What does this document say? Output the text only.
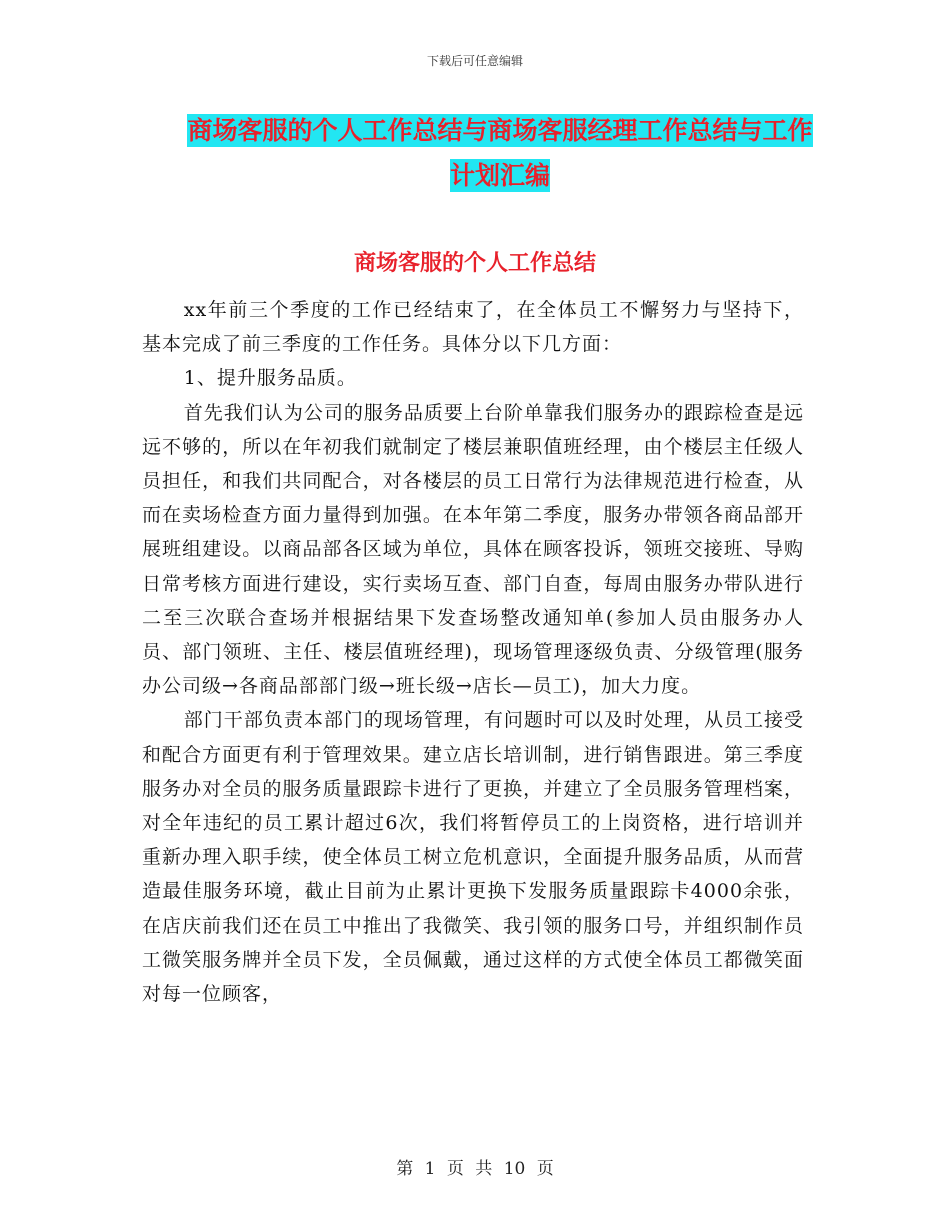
下载后可任意编辑
商场客服的个人工作总结与商场客服经理工作总结与工作计划汇编
商场客服的个人工作总结

xx年前三个季度的工作已经结束了，在全体员工不懈努力与坚持下，基本完成了前三季度的工作任务。具体分以下几方面：

1、提升服务品质。

首先我们认为公司的服务品质要上台阶单靠我们服务办的跟踪检查是远远不够的，所以在年初我们就制定了楼层兼职值班经理，由个楼层主任级人员担任，和我们共同配合，对各楼层的员工日常行为法律规范进行检查，从而在卖场检查方面力量得到加强。在本年第二季度，服务办带领各商品部开展班组建设。以商品部各区域为单位，具体在顾客投诉，领班交接班、导购日常考核方面进行建设，实行卖场互查、部门自查，每周由服务办带队进行二至三次联合查场并根据结果下发查场整改通知单(参加人员由服务办人员、部门领班、主任、楼层值班经理)，现场管理逐级负责、分级管理(服务办公司级→各商品部部门级→班长级→店长—员工)，加大力度。

部门干部负责本部门的现场管理，有问题时可以及时处理，从员工接受和配合方面更有利于管理效果。建立店长培训制，进行销售跟进。第三季度服务办对全员的服务质量跟踪卡进行了更换，并建立了全员服务管理档案，对全年违纪的员工累计超过6次，我们将暂停员工的上岗资格，进行培训并重新办理入职手续，使全体员工树立危机意识，全面提升服务品质，从而营造最佳服务环境，截止目前为止累计更换下发服务质量跟踪卡4000余张，在店庆前我们还在员工中推出了我微笑、我引领的服务口号，并组织制作员工微笑服务牌并全员下发，全员佩戴，通过这样的方式使全体员工都微笑面对每一位顾客，

第 1 页 共 10 页
